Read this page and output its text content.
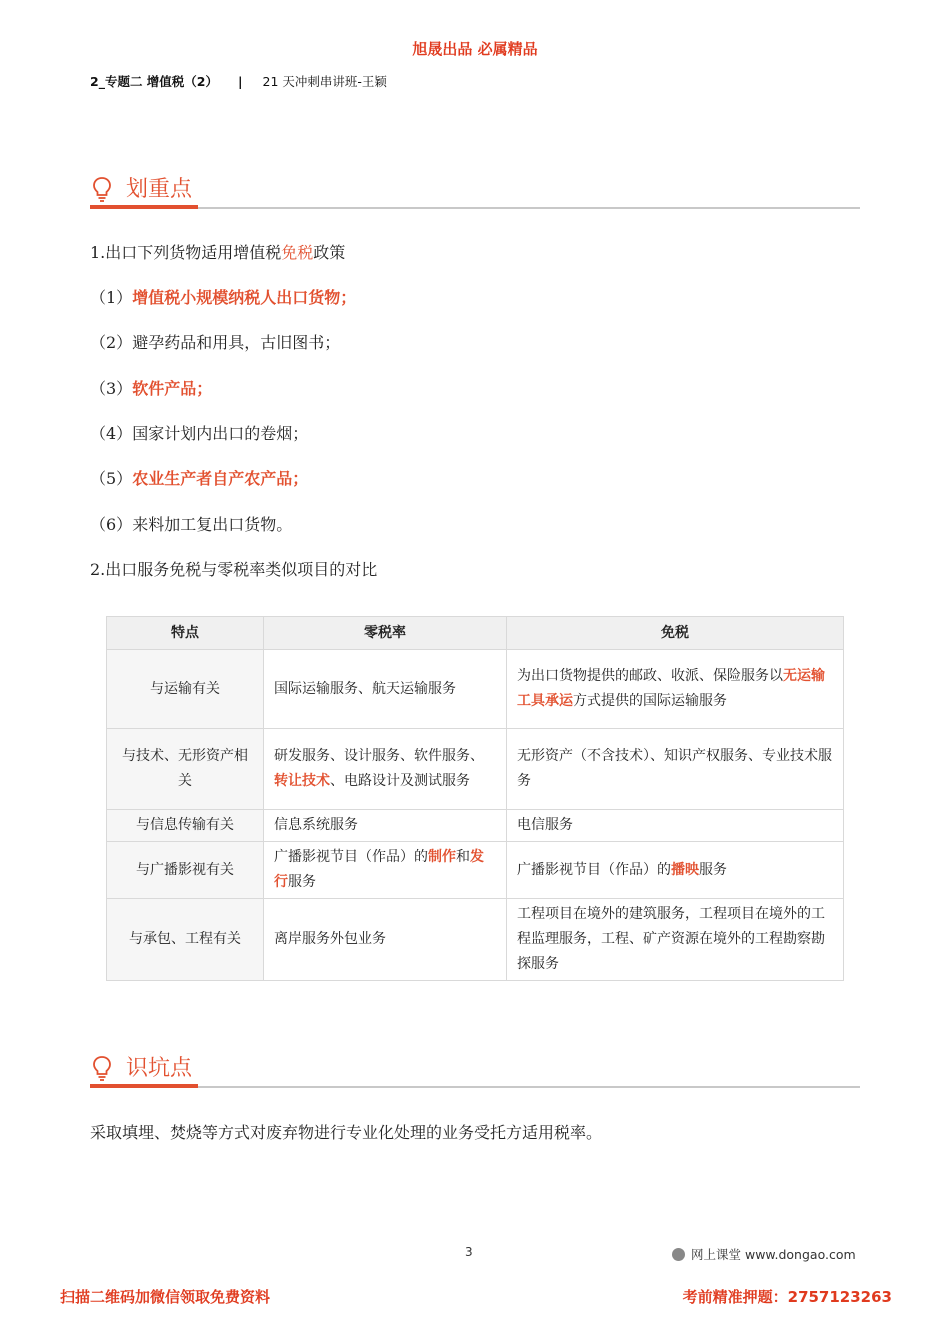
旭晟出品 必属精品
2_专题二 增值税（2） | 21 天冲刺串讲班-王颖
划重点
1.出口下列货物适用增值税免税政策
（1）增值税小规模纳税人出口货物；
（2）避孕药品和用具，古旧图书；
（3）软件产品；
（4）国家计划内出口的卷烟；
（5）农业生产者自产农产品；
（6）来料加工复出口货物。
2.出口服务免税与零税率类似项目的对比
特点	零税率	免税
与运输有关	国际运输服务、航天运输服务	为出口货物提供的邮政、收派、保险服务以无运输工具承运方式提供的国际运输服务
与技术、无形资产相关	研发服务、设计服务、软件服务、转让技术、电路设计及测试服务	无形资产（不含技术）、知识产权服务、专业技术服务
与信息传输有关	信息系统服务	电信服务
与广播影视有关	广播影视节目（作品）的制作和发行服务	广播影视节目（作品）的播映服务
与承包、工程有关	离岸服务外包业务	工程项目在境外的建筑服务，工程项目在境外的工程监理服务，工程、矿产资源在境外的工程勘察勘探服务
识坑点
采取填埋、焚烧等方式对废弃物进行专业化处理的业务受托方适用税率。
3	网上课堂 www.dongao.com
扫描二维码加微信领取免费资料	考前精准押题：2757123263
